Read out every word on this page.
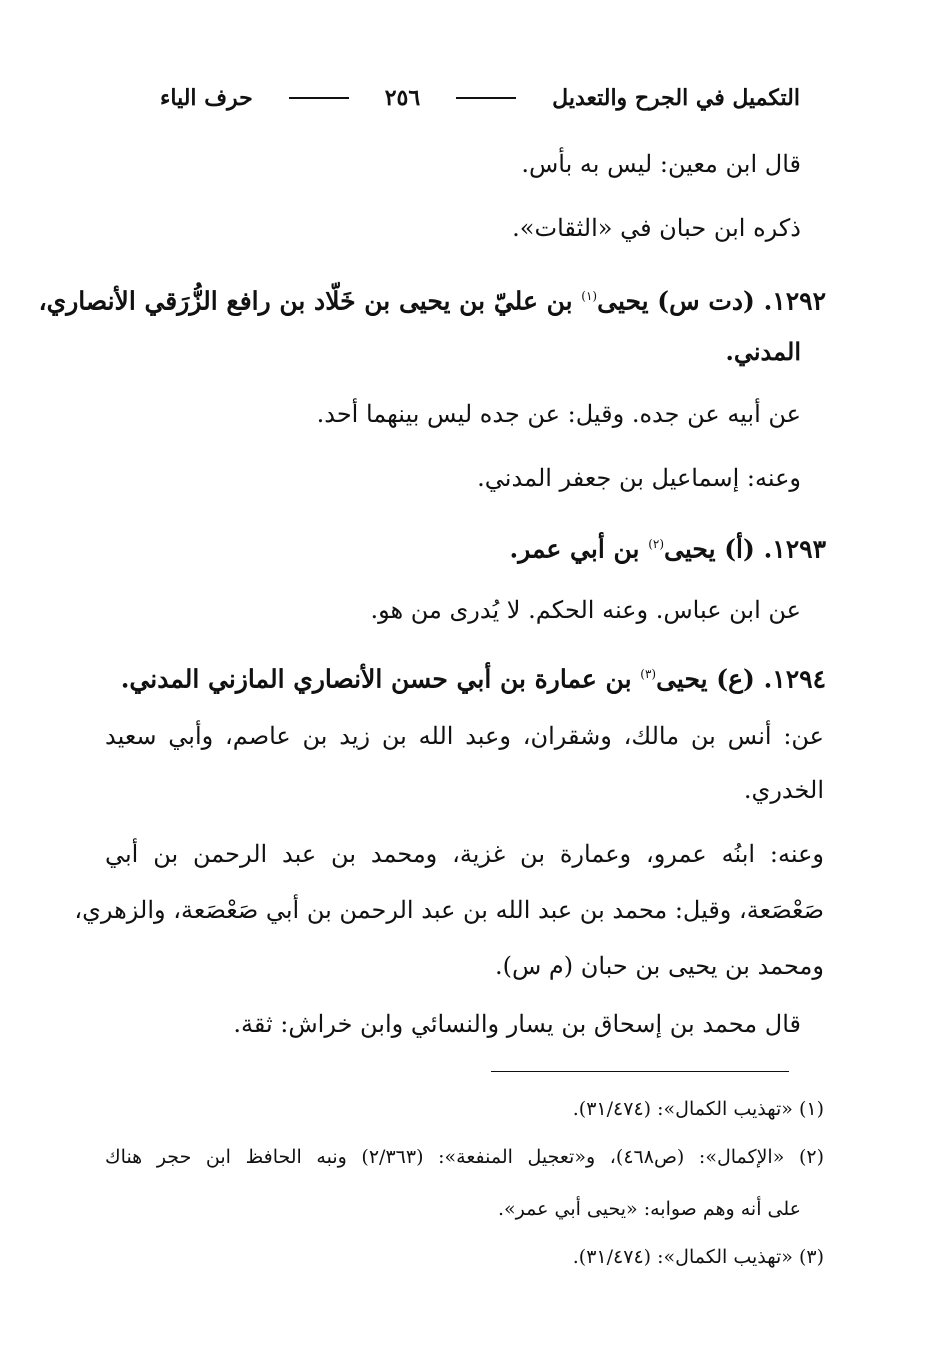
التكميل في الجرح والتعديل
٢٥٦
حرف الياء
قال ابن معين: ليس به بأس.
ذكره ابن حبان في «الثقات».
١٢٩٢. (دت س) يحيى$^{(١)}$ بن عليّ بن يحيى بن خَلّاد بن رافع الزُّرَقي الأنصاري،
المدني.
عن أبيه عن جده. وقيل: عن جده ليس بينهما أحد.
وعنه: إسماعيل بن جعفر المدني.
١٢٩٣. (أ) يحيى$^{(٢)}$ بن أبي عمر.
عن ابن عباس. وعنه الحكم. لا يُدرى من هو.
١٢٩٤. (ع) يحيى$^{(٣)}$ بن عمارة بن أبي حسن الأنصاري المازني المدني.
عن: أنس بن مالك، وشقران، وعبد الله بن زيد بن عاصم، وأبي سعيد
الخدري.
وعنه: ابنُه عمرو، وعمارة بن غزية، ومحمد بن عبد الرحمن بن أبي
صَعْصَعة، وقيل: محمد بن عبد الله بن عبد الرحمن بن أبي صَعْصَعة، والزهري،
ومحمد بن يحيى بن حبان (م س).
قال محمد بن إسحاق بن يسار والنسائي وابن خراش: ثقة.
(١) «تهذيب الكمال»: (٣١/٤٧٤).
(٢) «الإكمال»: (ص٤٦٨)، و«تعجيل المنفعة»: (٢/٣٦٣) ونبه الحافظ ابن حجر هناك
على أنه وهم صوابه: «يحيى أبي عمر».
(٣) «تهذيب الكمال»: (٣١/٤٧٤).
